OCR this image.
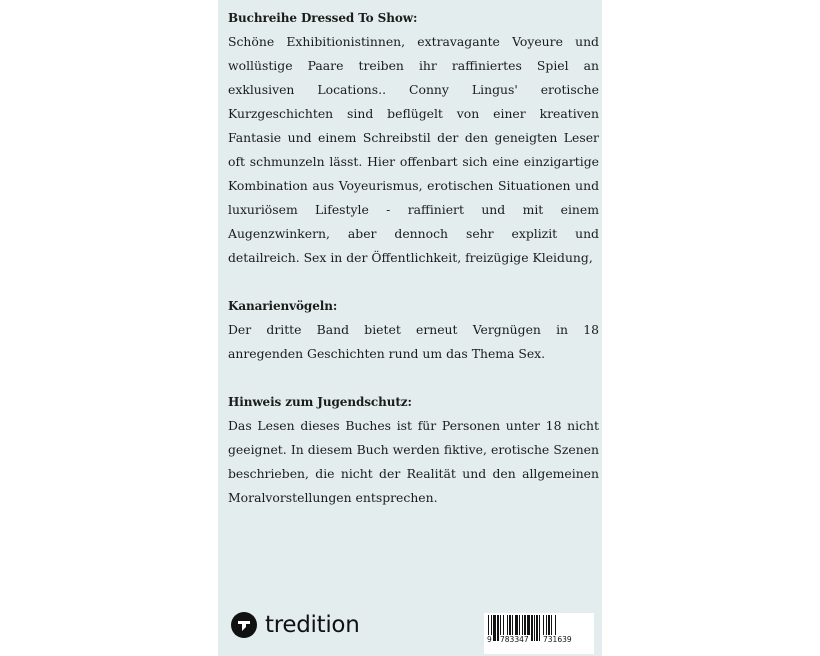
Buchreihe Dressed To Show:
Schöne Exhibitionistinnen, extravagante Voyeure und wollüstige Paare treiben ihr raffiniertes Spiel an exklusiven Locations.. Conny Lingus' erotische Kurzgeschichten sind beflügelt von einer kreativen Fantasie und einem Schreibstil der den geneigten Leser oft schmunzeln lässt. Hier offenbart sich eine einzigartige Kombination aus Voyeurismus, erotischen Situationen und luxuriösem Lifestyle - raffiniert und mit einem Augenzwinkern, aber dennoch sehr explizit und detailreich. Sex in der Öffentlichkeit, freizügige Kleidung,
Kanarienvögeln:
Der dritte Band bietet erneut Vergnügen in 18 anregenden Geschichten rund um das Thema Sex.
Hinweis zum Jugendschutz:
Das Lesen dieses Buches ist für Personen unter 18 nicht geeignet. In diesem Buch werden fiktive, erotische Szenen beschrieben, die nicht der Realität und den allgemeinen Moralvorstellungen entsprechen.
tredition
9 783347 731639
